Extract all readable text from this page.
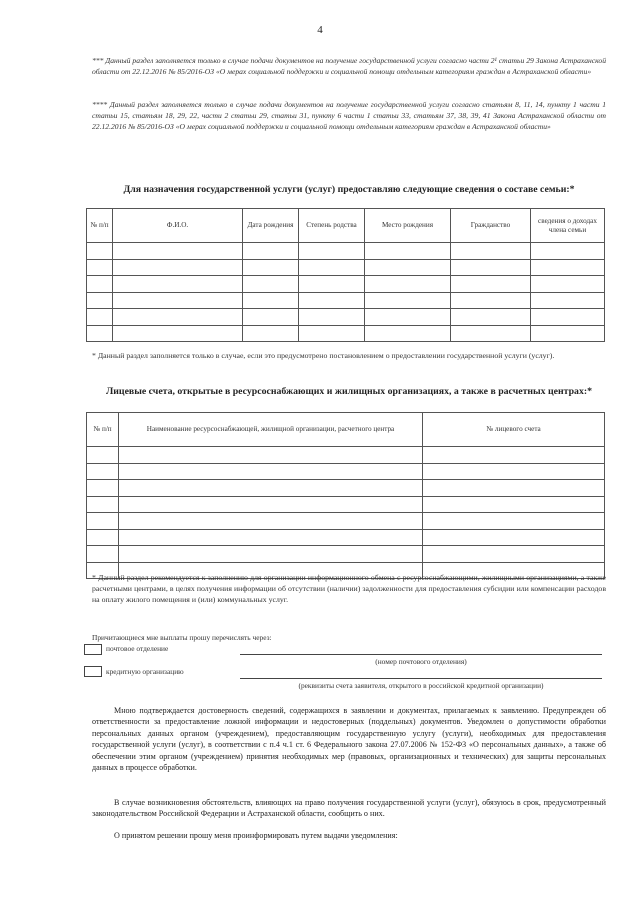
4
*** Данный раздел заполняется только в случае подачи документов на получение государственной услуги согласно части 2¹ статьи 29 Закона Астраханской области от 22.12.2016 № 85/2016-ОЗ «О мерах социальной поддержки и социальной помощи отдельным категориям граждан в Астраханской области»
**** Данный раздел заполняется только в случае подачи документов на получение государственной услуги согласно статьям 8, 11, 14, пункту 1 части 1 статьи 15, статьям 18, 29, 22, части 2 статьи 29, статьи 31, пункту 6 части 1 статьи 33, статьям 37, 38, 39, 41 Закона Астраханской области от 22.12.2016 № 85/2016-ОЗ «О мерах социальной поддержки и социальной помощи отдельным категориям граждан в Астраханской области»
Для назначения государственной услуги (услуг) предоставляю следующие сведения о составе семьи:*
№ п/п	Ф.И.О.	Дата рождения	Степень родства	Место рождения	Гражданство	сведения о доходах члена семьи

* Данный раздел заполняется только в случае, если это предусмотрено постановлением о предоставлении государственной услуги (услуг).
Лицевые счета, открытые в ресурсоснабжающих и жилищных организациях, а также в расчетных центрах:*
№ п/п	Наименование ресурсоснабжающей, жилищной организации, расчетного центра	№ лицевого счета

* Данный раздел рекомендуется к заполнению для организации информационного обмена с ресурсоснабжающими, жилищными организациями, а также расчетными центрами, в целях получения информации об отсутствии (наличии) задолженности для предоставления субсидии или компенсации расходов на оплату жилого помещения и (или) коммунальных услуг.
Причитающиеся мне выплаты прошу перечислять через:
почтовое отделение
(номер почтового отделения)
кредитную организацию
(реквизиты счета заявителя, открытого в российской кредитной организации)
Мною подтверждается достоверность сведений, содержащихся в заявлении и документах, прилагаемых к заявлению. Предупрежден об ответственности за предоставление ложной информации и недостоверных (поддельных) документов. Уведомлен о допустимости обработки персональных данных органом (учреждением), предоставляющим государственную услугу (услуги), необходимых для предоставления государственной услуги (услуг), в соответствии с п.4 ч.1 ст. 6 Федерального закона 27.07.2006 № 152-ФЗ «О персональных данных», а также об обеспечении этим органом (учреждением) принятия необходимых мер (правовых, организационных и технических) для защиты персональных данных в процессе обработки.
В случае возникновения обстоятельств, влияющих на право получения государственной услуги (услуг), обязуюсь в срок, предусмотренный законодательством Российской Федерации и Астраханской области, сообщить о них.
О принятом решении прошу меня проинформировать путем выдачи уведомления:
